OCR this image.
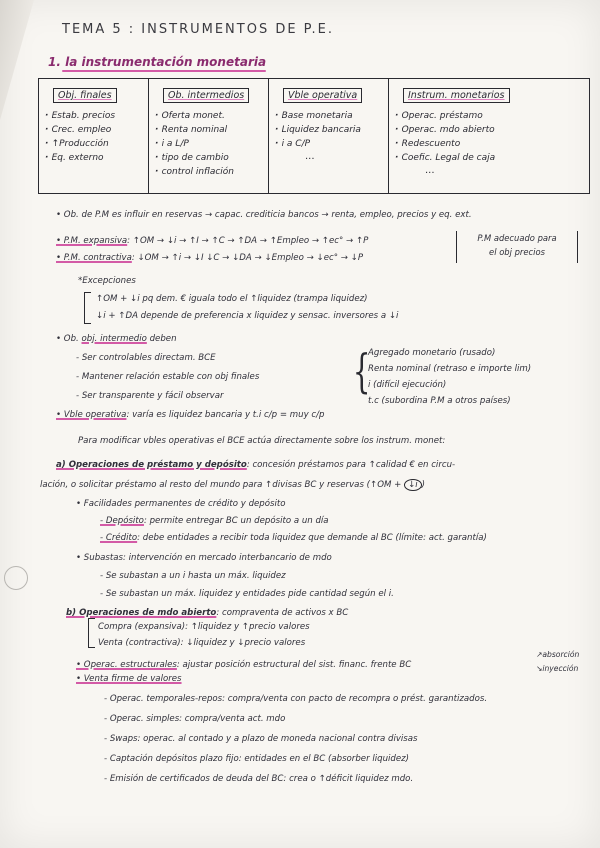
TEMA 5 : INSTRUMENTOS DE P.E.
1. la instrumentación monetaria
Obj. finales
· Estab. precios
· Crec. empleo
· ↑Producción
· Eq. externo
Ob. intermedios
· Oferta monet.
· Renta nominal
· i a L/P
· tipo de cambio
· control inflación
Vble operativa
· Base monetaria
· Liquidez bancaria
· i a C/P
...
Instrum. monetarios
· Operac. préstamo
· Operac. mdo abierto
· Redescuento
· Coefic. Legal de caja
...
• Ob. de P.M es influir en reservas → capac. crediticia bancos → renta, empleo, precios y eq. ext.
• P.M. expansiva: ↑OM → ↓i → ↑I → ↑C → ↑DA → ↑Empleo → ↑ec° → ↑P
• P.M. contractiva: ↓OM → ↑i → ↓I ↓C → ↓DA → ↓Empleo → ↓ec° → ↓P
P.M adecuado para
el obj precios
*Excepciones
↑OM + ↓i pq dem. € iguala todo el ↑liquidez (trampa liquidez)
↓i + ↑DA depende de preferencia x liquidez y sensac. inversores a ↓i
• Ob. obj. intermedio deben
- Ser controlables directam. BCE
- Mantener relación estable con obj finales
- Ser transparente y fácil observar	{
Agregado monetario (rusado)
Renta nominal (retraso e importe lim)
i (difícil ejecución)
t.c (subordina P.M a otros países)
• Vble operativa: varía es liquidez bancaria y t.i c/p = muy c/p
Para modificar vbles operativas el BCE actúa directamente sobre los instrum. monet:
a) Operaciones de préstamo y depósito: concesión préstamos para ↑calidad € en circu-
lación, o solicitar préstamo al resto del mundo para ↑divisas BC y reservas (↑OM + ↓i )
• Facilidades permanentes de crédito y depósito
- Depósito: permite entregar BC un depósito a un día
- Crédito: debe entidades a recibir toda liquidez que demande al BC (límite: act. garantía)
• Subastas: intervención en mercado interbancario de mdo
- Se subastan a un i hasta un máx. liquidez
- Se subastan un máx. liquidez y entidades pide cantidad según el i.
b) Operaciones de mdo abierto: compraventa de activos x BC
Compra (expansiva): ↑liquidez y ↑precio valores
Venta (contractiva): ↓liquidez y ↓precio valores
• Operac. estructurales: ajustar posición estructural del sist. financ. frente BC
↗absorción
↘inyección
• Venta firme de valores
- Operac. temporales-repos: compra/venta con pacto de recompra o prést. garantizados.
- Operac. simples: compra/venta act. mdo
- Swaps: operac. al contado y a plazo de moneda nacional contra divisas
- Captación depósitos plazo fijo: entidades en el BC (absorber liquidez)
- Emisión de certificados de deuda del BC: crea o ↑déficit liquidez mdo.
